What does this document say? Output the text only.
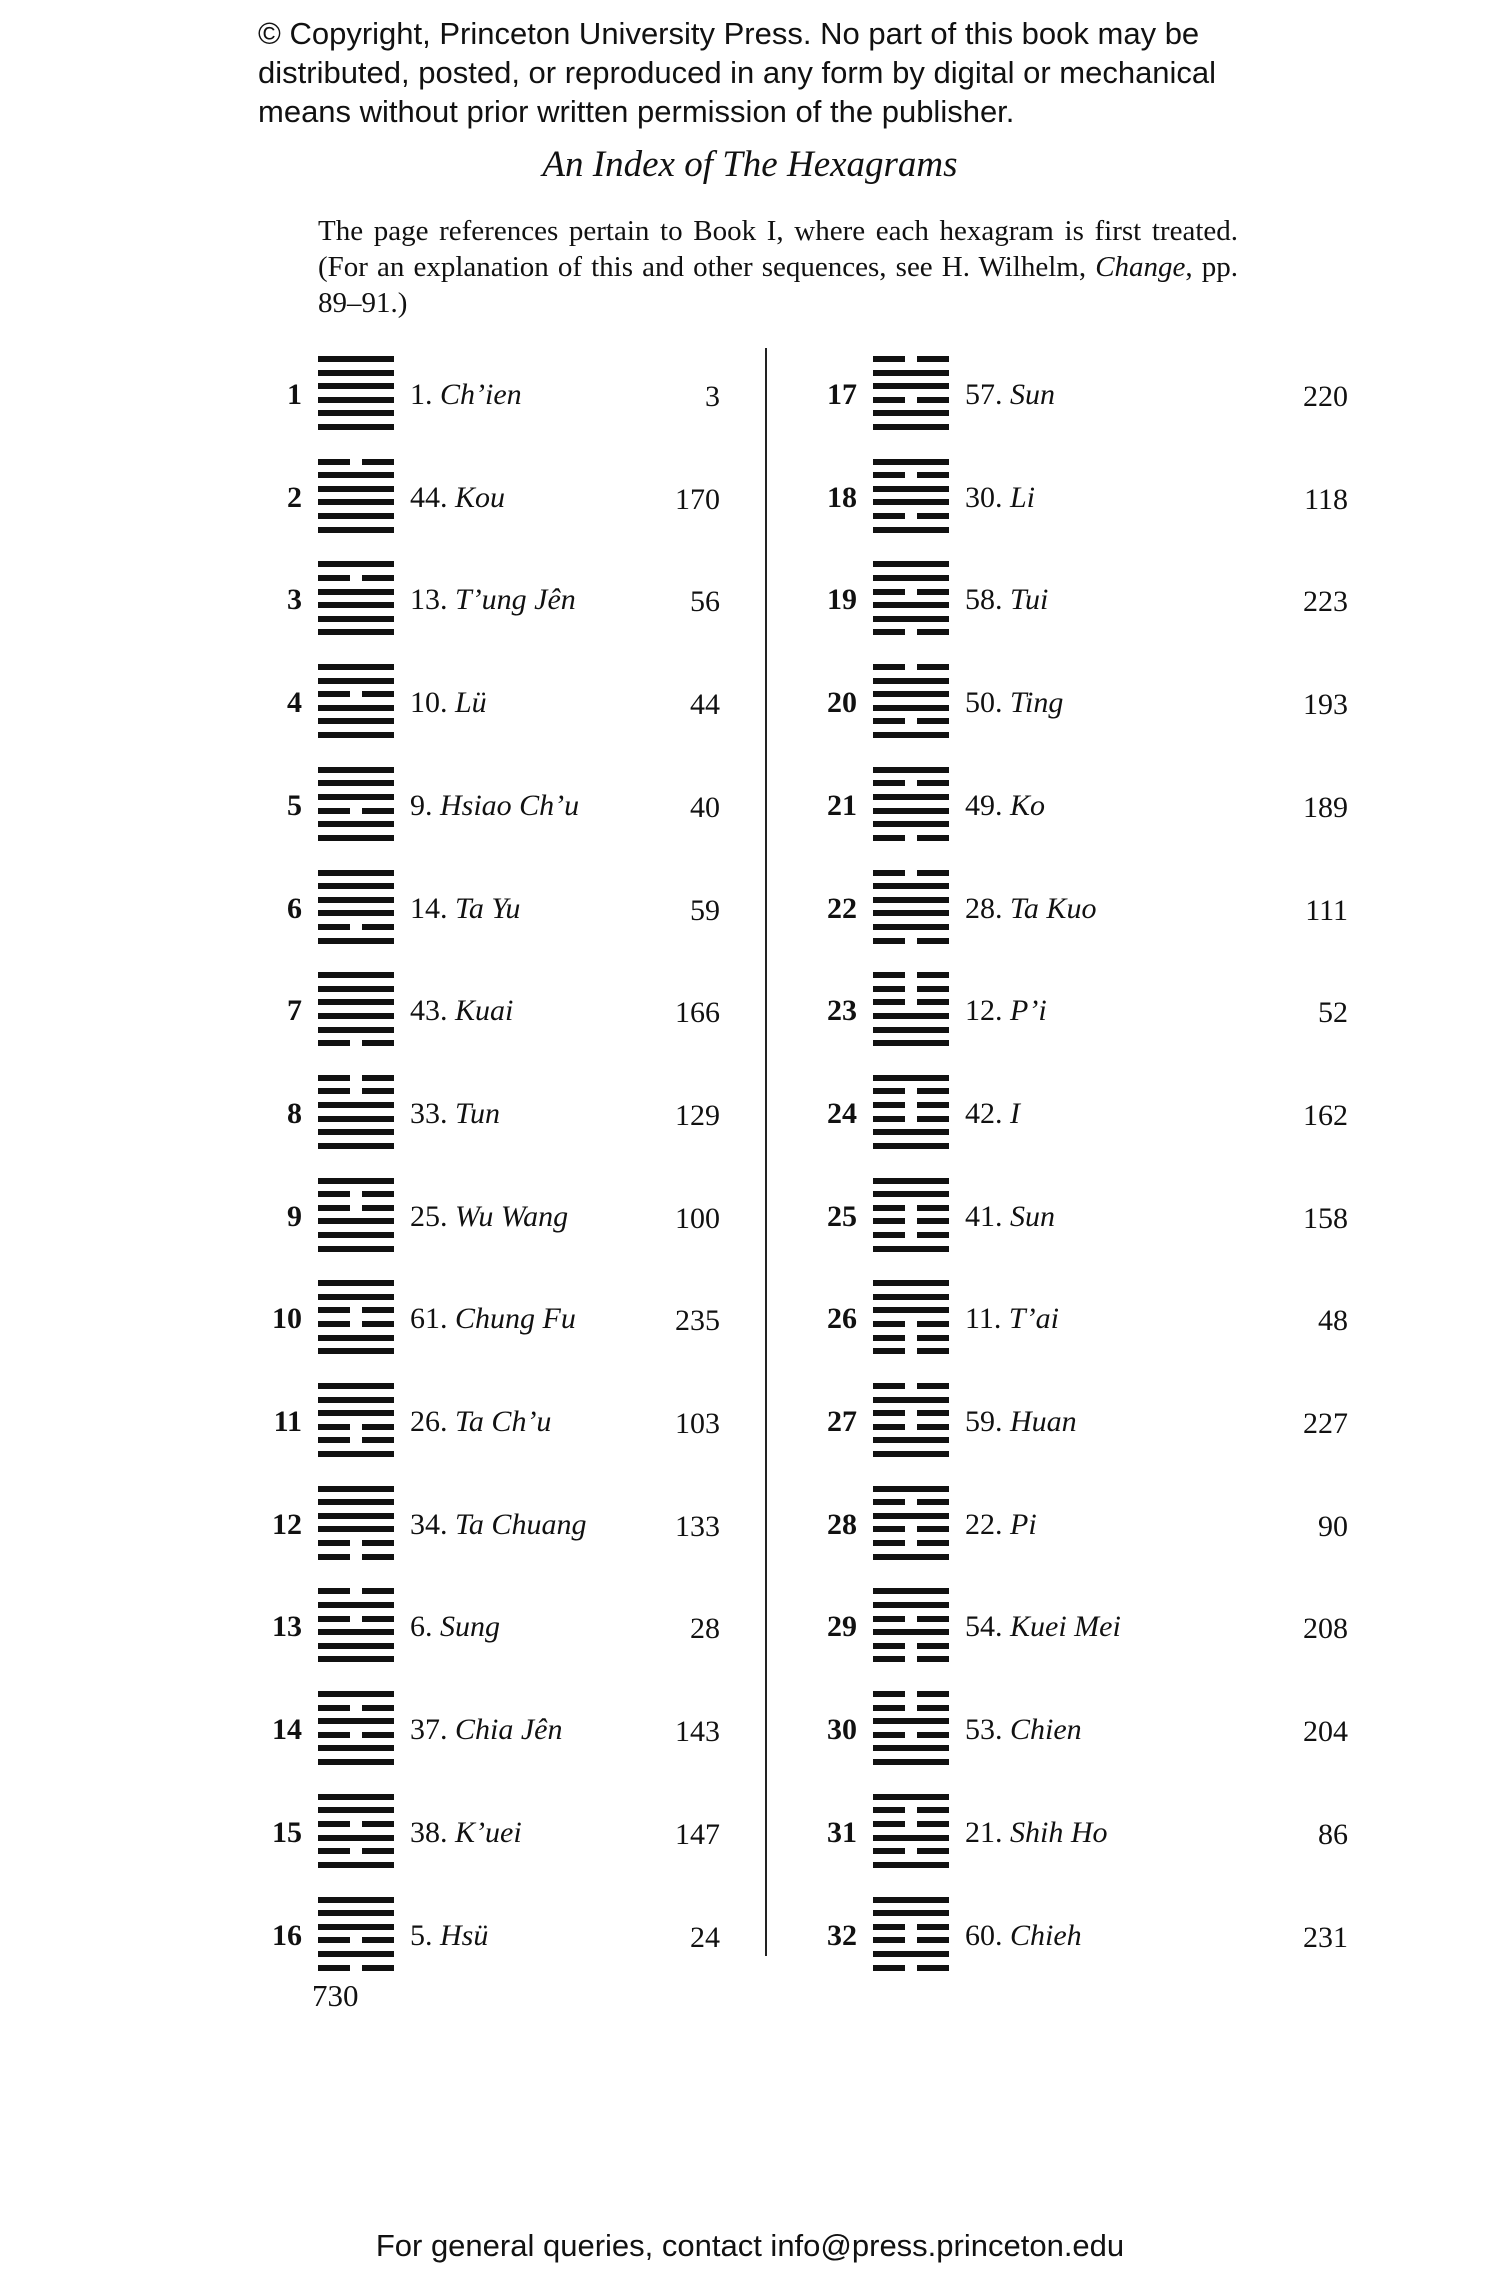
© Copyright, Princeton University Press. No part of this book may be
distributed, posted, or reproduced in any form by digital or mechanical
means without prior written permission of the publisher.
An Index of The Hexagrams

The page references pertain to Book I, where each hexagram is first treated. (For an explanation of this and other sequences, see H. Wilhelm, Change, pp. 89–91.)

1	1. Ch’ien	3
2	44. Kou	170
3	13. T’ung Jên	56
4	10. Lü	44
5	9. Hsiao Ch’u	40
6	14. Ta Yu	59
7	43. Kuai	166
8	33. Tun	129
9	25. Wu Wang	100
10	61. Chung Fu	235
11	26. Ta Ch’u	103
12	34. Ta Chuang	133
13	6. Sung	28
14	37. Chia Jên	143
15	38. K’uei	147
16	5. Hsü	24
17	57. Sun	220
18	30. Li	118
19	58. Tui	223
20	50. Ting	193
21	49. Ko	189
22	28. Ta Kuo	111
23	12. P’i	52
24	42. I	162
25	41. Sun	158
26	11. T’ai	48
27	59. Huan	227
28	22. Pi	90
29	54. Kuei Mei	208
30	53. Chien	204
31	21. Shih Ho	86
32	60. Chieh	231
730
For general queries, contact info@press.princeton.edu
